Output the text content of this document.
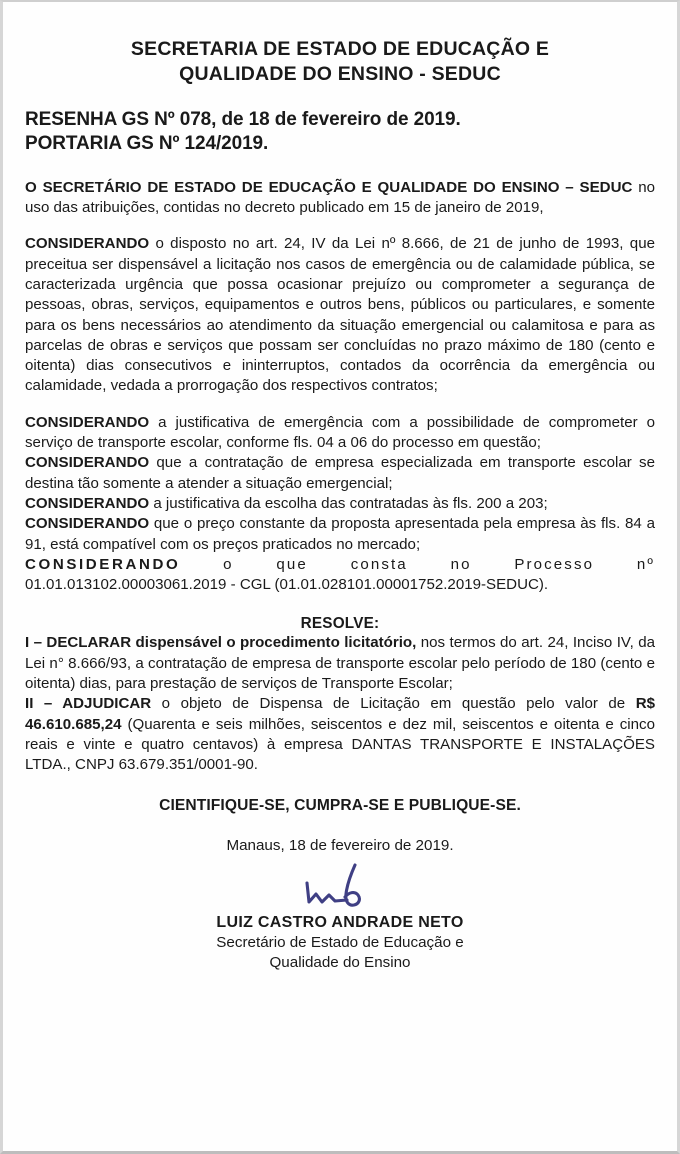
SECRETARIA DE ESTADO DE EDUCAÇÃO E
QUALIDADE DO ENSINO - SEDUC
RESENHA GS Nº 078, de 18 de fevereiro de 2019.
PORTARIA GS Nº 124/2019.

O SECRETÁRIO DE ESTADO DE EDUCAÇÃO E QUALIDADE DO ENSINO – SEDUC no uso das atribuições, contidas no decreto publicado em 15 de janeiro de 2019,

CONSIDERANDO o disposto no art. 24, IV da Lei nº 8.666, de 21 de junho de 1993, que preceitua ser dispensável a licitação nos casos de emergência ou de calamidade pública, se caracterizada urgência que possa ocasionar prejuízo ou comprometer a segurança de pessoas, obras, serviços, equipamentos e outros bens, públicos ou particulares, e somente para os bens necessários ao atendimento da situação emergencial ou calamitosa e para as parcelas de obras e serviços que possam ser concluídas no prazo máximo de 180 (cento e oitenta) dias consecutivos e ininterruptos, contados da ocorrência da emergência ou calamidade, vedada a prorrogação dos respectivos contratos;

CONSIDERANDO a justificativa de emergência com a possibilidade de comprometer o serviço de transporte escolar, conforme fls. 04 a 06 do processo em questão;

CONSIDERANDO que a contratação de empresa especializada em transporte escolar se destina tão somente a atender a situação emergencial;

CONSIDERANDO a justificativa da escolha das contratadas às fls. 200 a 203;

CONSIDERANDO que o preço constante da proposta apresentada pela empresa às fls. 84 a 91, está compatível com os preços praticados no mercado;

CONSIDERANDO o que consta no Processo nº

01.01.013102.00003061.2019 - CGL (01.01.028101.00001752.2019-SEDUC).

RESOLVE:

I – DECLARAR dispensável o procedimento licitatório, nos termos do art. 24, Inciso IV, da Lei n° 8.666/93, a contratação de empresa de transporte escolar pelo período de 180 (cento e oitenta) dias, para prestação de serviços de Transporte Escolar;

II – ADJUDICAR o objeto de Dispensa de Licitação em questão pelo valor de R$ 46.610.685,24 (Quarenta e seis milhões, seiscentos e dez mil, seiscentos e oitenta e cinco reais e vinte e quatro centavos) à empresa DANTAS TRANSPORTE E INSTALAÇÕES LTDA., CNPJ 63.679.351/0001-90.

CIENTIFIQUE-SE, CUMPRA-SE E PUBLIQUE-SE.
Manaus, 18 de fevereiro de 2019.
LUIZ CASTRO ANDRADE NETO
Secretário de Estado de Educação e
Qualidade do Ensino
